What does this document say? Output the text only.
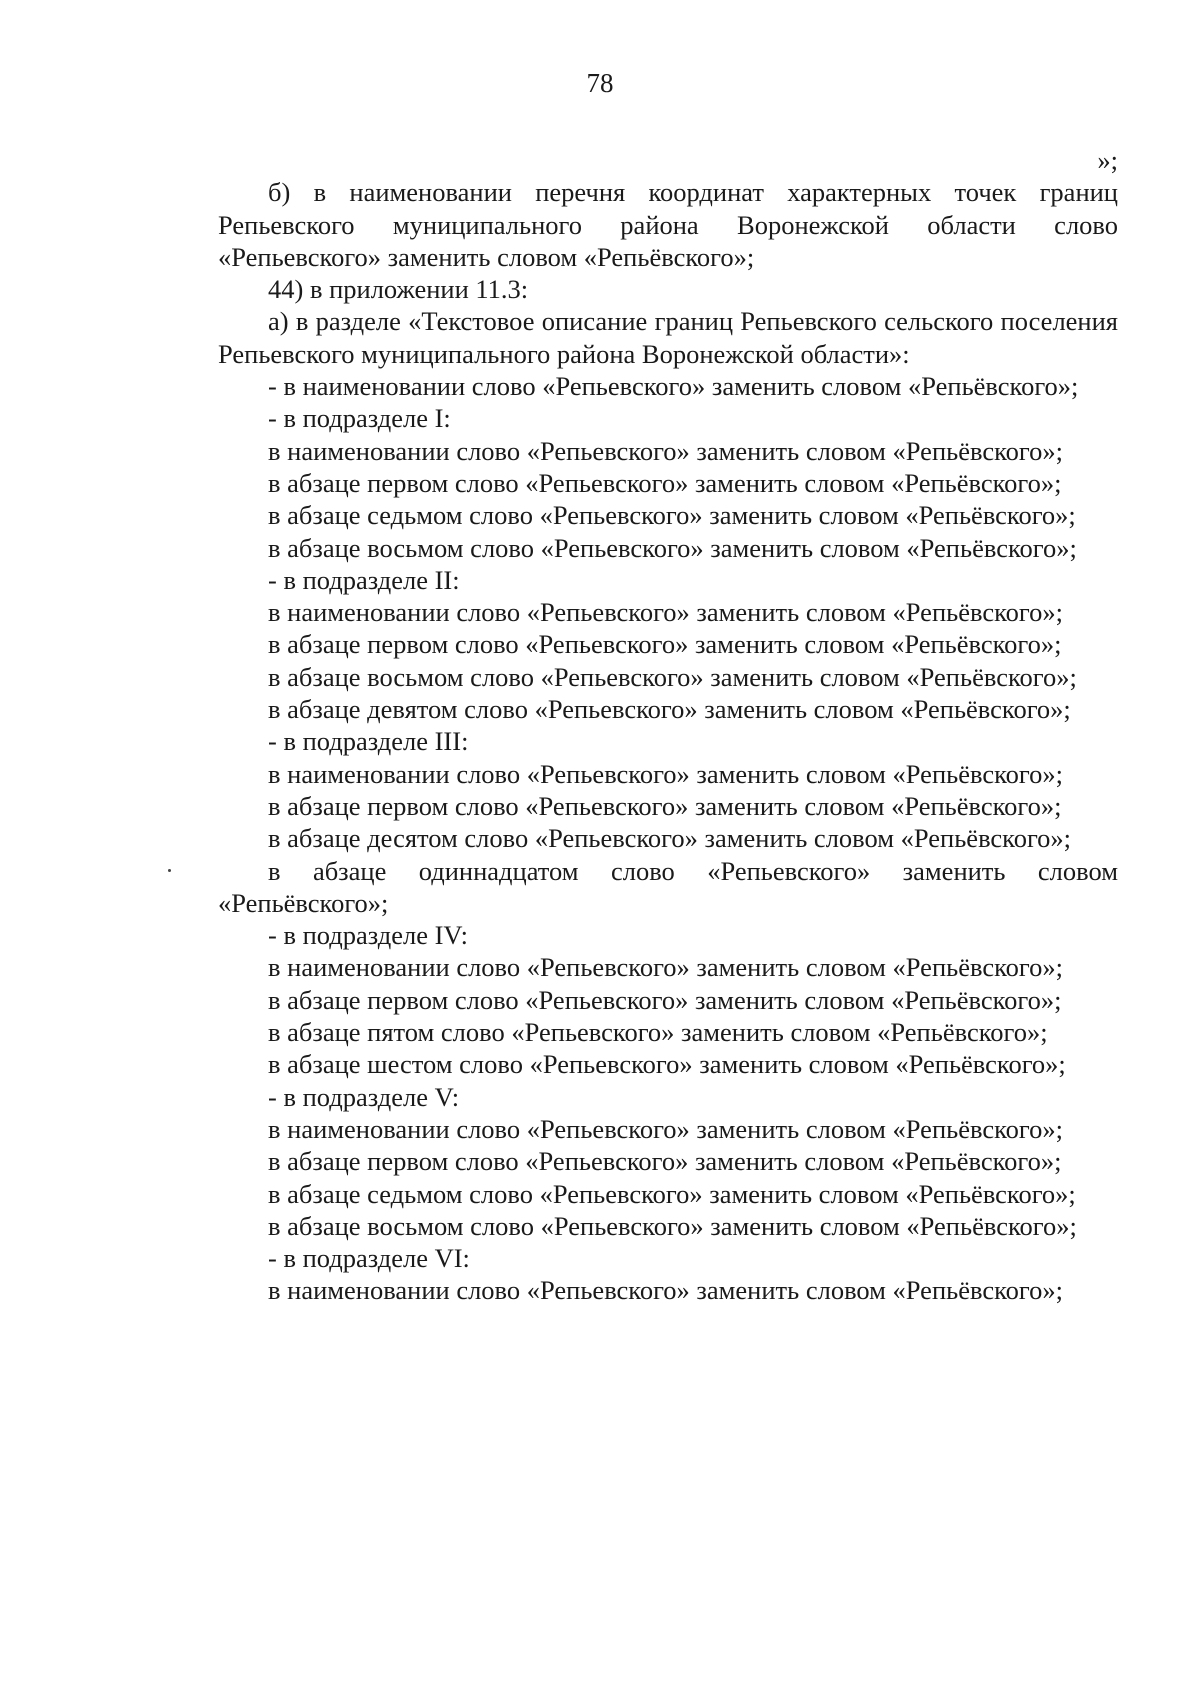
78

»;

б) в наименовании перечня координат характерных точек границ Репьевского муниципального района Воронежской области слово «Репьевского» заменить словом «Репьёвского»;

44) в приложении 11.3:

а) в разделе «Текстовое описание границ Репьевского сельского поселения Репьевского муниципального района Воронежской области»:

- в наименовании слово «Репьевского» заменить словом «Репьёвского»;

- в подразделе I:

в наименовании слово «Репьевского» заменить словом «Репьёвского»;

в абзаце первом слово «Репьевского» заменить словом «Репьёвского»;

в абзаце седьмом слово «Репьевского» заменить словом «Репьёвского»;

в абзаце восьмом слово «Репьевского» заменить словом «Репьёвского»;

- в подразделе II:

в наименовании слово «Репьевского» заменить словом «Репьёвского»;

в абзаце первом слово «Репьевского» заменить словом «Репьёвского»;

в абзаце восьмом слово «Репьевского» заменить словом «Репьёвского»;

в абзаце девятом слово «Репьевского» заменить словом «Репьёвского»;

- в подразделе III:

в наименовании слово «Репьевского» заменить словом «Репьёвского»;

в абзаце первом слово «Репьевского» заменить словом «Репьёвского»;

в абзаце десятом слово «Репьевского» заменить словом «Репьёвского»;

в абзаце одиннадцатом слово «Репьевского» заменить словом «Репьёвского»;

- в подразделе IV:

в наименовании слово «Репьевского» заменить словом «Репьёвского»;

в абзаце первом слово «Репьевского» заменить словом «Репьёвского»;

в абзаце пятом слово «Репьевского» заменить словом «Репьёвского»;

в абзаце шестом слово «Репьевского» заменить словом «Репьёвского»;

- в подразделе V:

в наименовании слово «Репьевского» заменить словом «Репьёвского»;

в абзаце первом слово «Репьевского» заменить словом «Репьёвского»;

в абзаце седьмом слово «Репьевского» заменить словом «Репьёвского»;

в абзаце восьмом слово «Репьевского» заменить словом «Репьёвского»;

- в подразделе VI:

в наименовании слово «Репьевского» заменить словом «Репьёвского»;
